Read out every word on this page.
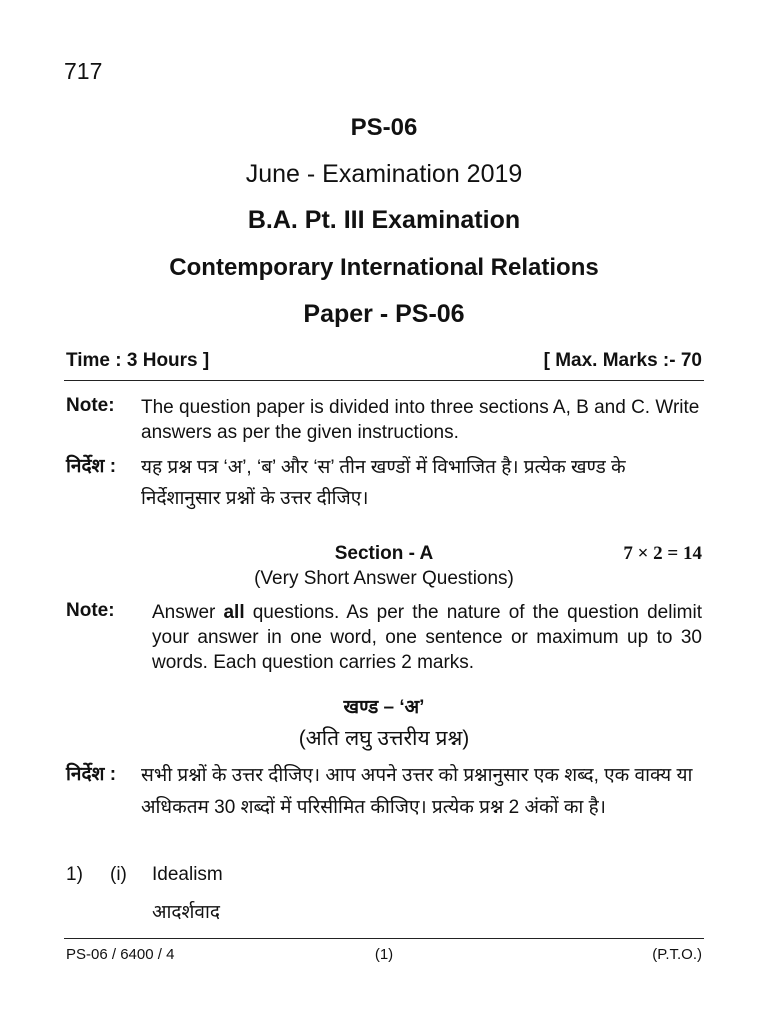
717
PS-06
June - Examination 2019
B.A. Pt. III Examination
Contemporary International Relations
Paper - PS-06
Time : 3 Hours ]	[ Max. Marks :- 70
Note: The question paper is divided into three sections A, B and C. Write answers as per the given instructions.
निर्देश : यह प्रश्न पत्र ‘अ’, ‘ब’ और ‘स’ तीन खण्डों में विभाजित है। प्रत्येक खण्ड के निर्देशानुसार प्रश्नों के उत्तर दीजिए।
Section - A	7 × 2 = 14
(Very Short Answer Questions)
Note: Answer all questions. As per the nature of the question delimit your answer in one word, one sentence or maximum up to 30 words. Each question carries 2 marks.
खण्ड – ‘अ’
(अति लघु उत्तरीय प्रश्न)
निर्देश : सभी प्रश्नों के उत्तर दीजिए। आप अपने उत्तर को प्रश्नानुसार एक शब्द, एक वाक्य या अधिकतम 30 शब्दों में परिसीमित कीजिए। प्रत्येक प्रश्न 2 अंकों का है।
1) (i) Idealism
आदर्शवाद
PS-06 / 6400 / 4	(1)	(P.T.O.)
